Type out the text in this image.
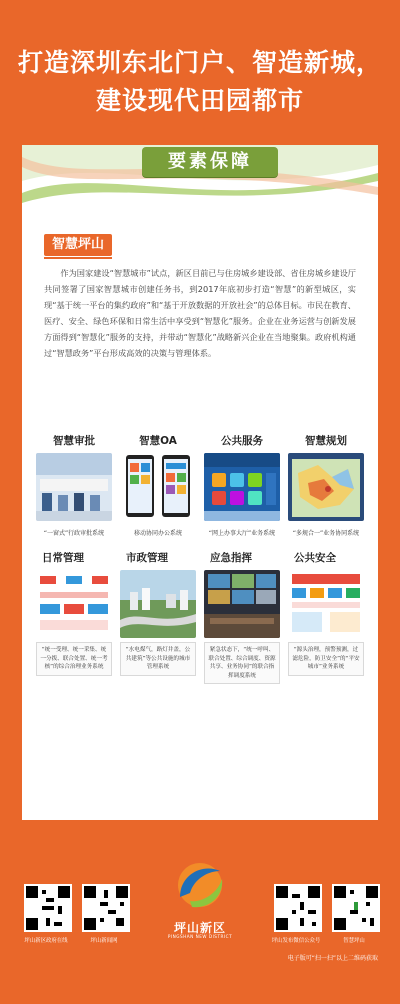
打造深圳东北门户、智造新城，
建设现代田园都市
要素保障
智慧坪山
作为国家建设“智慧城市”试点，新区目前已与住房城乡建设部、省住房城乡建设厅共同签署了国家智慧城市创建任务书，到2017年底初步打造“智慧”的新型城区，实现“基于统一平台的集约政府”和“基于开放数据的开放社会”的总体目标。市民在教育、医疗、安全、绿色环保和日常生活中享受到“智慧化”服务。企业在业务运营与创新发展方面得到“智慧化”服务的支持，并带动“智慧化”战略新兴企业在当地聚集。政府机构通过“智慧政务”平台形成高效的决策与管理体系。
智慧审批
“一窗式”行政审批系统
智慧OA
移动协同办公系统
公共服务
“网上办事大厅”业务系统
智慧规划
“多规合一”业务协同系统
日常管理
“统一受理、统一采集、统一分拨、联合处置、统一考核”的综合治理业务系统
市政管理
“水电煤气，路灯井盖，公共建筑”等公共设施的城市管理系统
应急指挥
紧急状态下，“统一呼叫、联合处置、综合调度、资源共享、业务协同”的联合指挥调度系统
公共安全
“源头治理，预警预测，过滤危险，防卫安全”的“平安城市”业务系统
坪山新区政府在线	坪山新闻网
坪山新区
PINGSHAN NEW DISTRICT
坪山发布微信公众号	智慧坪山
电子版可“扫一扫”以上二维码获取
